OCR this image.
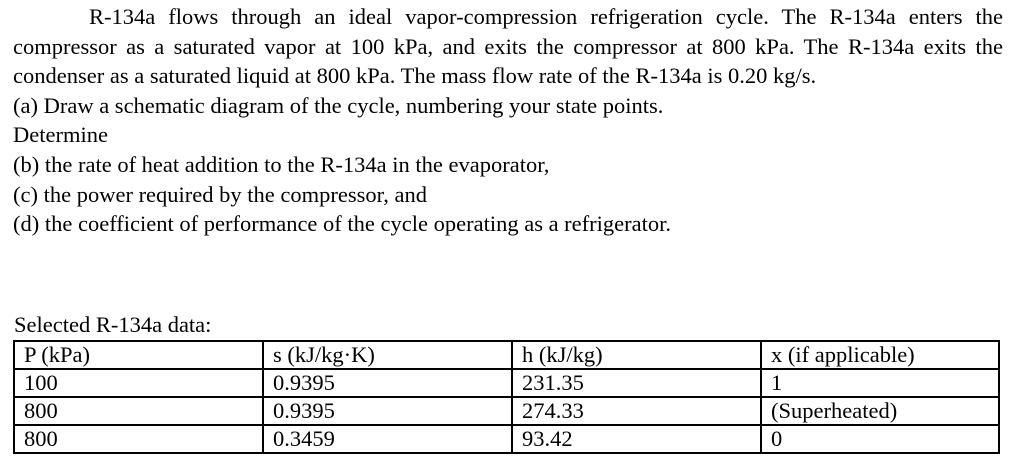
R-134a flows through an ideal vapor-compression refrigeration cycle. The R-134a enters the compressor as a saturated vapor at 100 kPa, and exits the compressor at 800 kPa. The R-134a exits the condenser as a saturated liquid at 800 kPa. The mass flow rate of the R-134a is 0.20 kg/s.

(a) Draw a schematic diagram of the cycle, numbering your state points.

Determine

(b) the rate of heat addition to the R-134a in the evaporator,

(c) the power required by the compressor, and

(d) the coefficient of performance of the cycle operating as a refrigerator.

Selected R-134a data:
P (kPa)	s (kJ/kg·K)	h (kJ/kg)	x (if applicable)
100	0.9395	231.35	1
800	0.9395	274.33	(Superheated)
800	0.3459	93.42	0
